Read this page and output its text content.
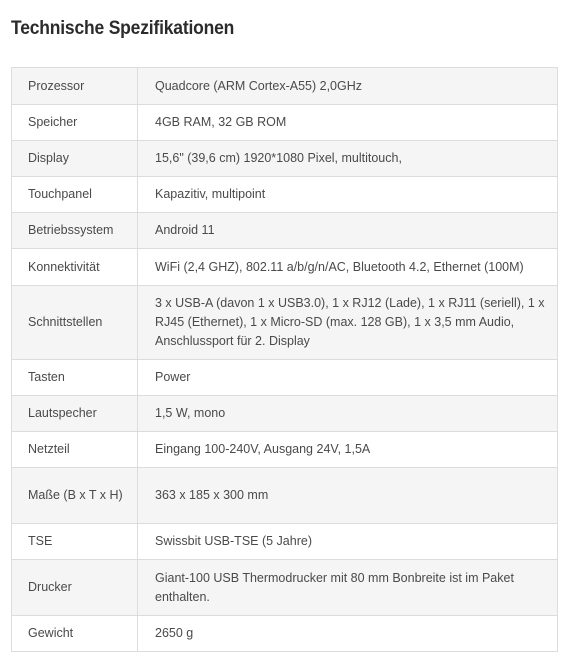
Technische Spezifikationen
Prozessor	Quadcore (ARM Cortex-A55) 2,0GHz
Speicher	4GB RAM, 32 GB ROM
Display	15,6" (39,6 cm) 1920*1080 Pixel, multitouch,
Touchpanel	Kapazitiv, multipoint
Betriebssystem	Android 11
Konnektivität	WiFi (2,4 GHZ), 802.11 a/b/g/n/AC, Bluetooth 4.2, Ethernet (100M)
Schnittstellen	3 x USB-A (davon 1 x USB3.0), 1 x RJ12 (Lade), 1 x RJ11 (seriell), 1 x RJ45 (Ethernet), 1 x Micro-SD (max. 128 GB), 1 x 3,5 mm Audio, Anschlussport für 2. Display
Tasten	Power
Lautspecher	1,5 W, mono
Netzteil	Eingang 100-240V, Ausgang 24V, 1,5A
Maße (B x T x H)	363 x 185 x 300 mm
TSE	Swissbit USB-TSE (5 Jahre)
Drucker	Giant-100 USB Thermodrucker mit 80 mm Bonbreite ist im Paket enthalten.
Gewicht	2650 g
